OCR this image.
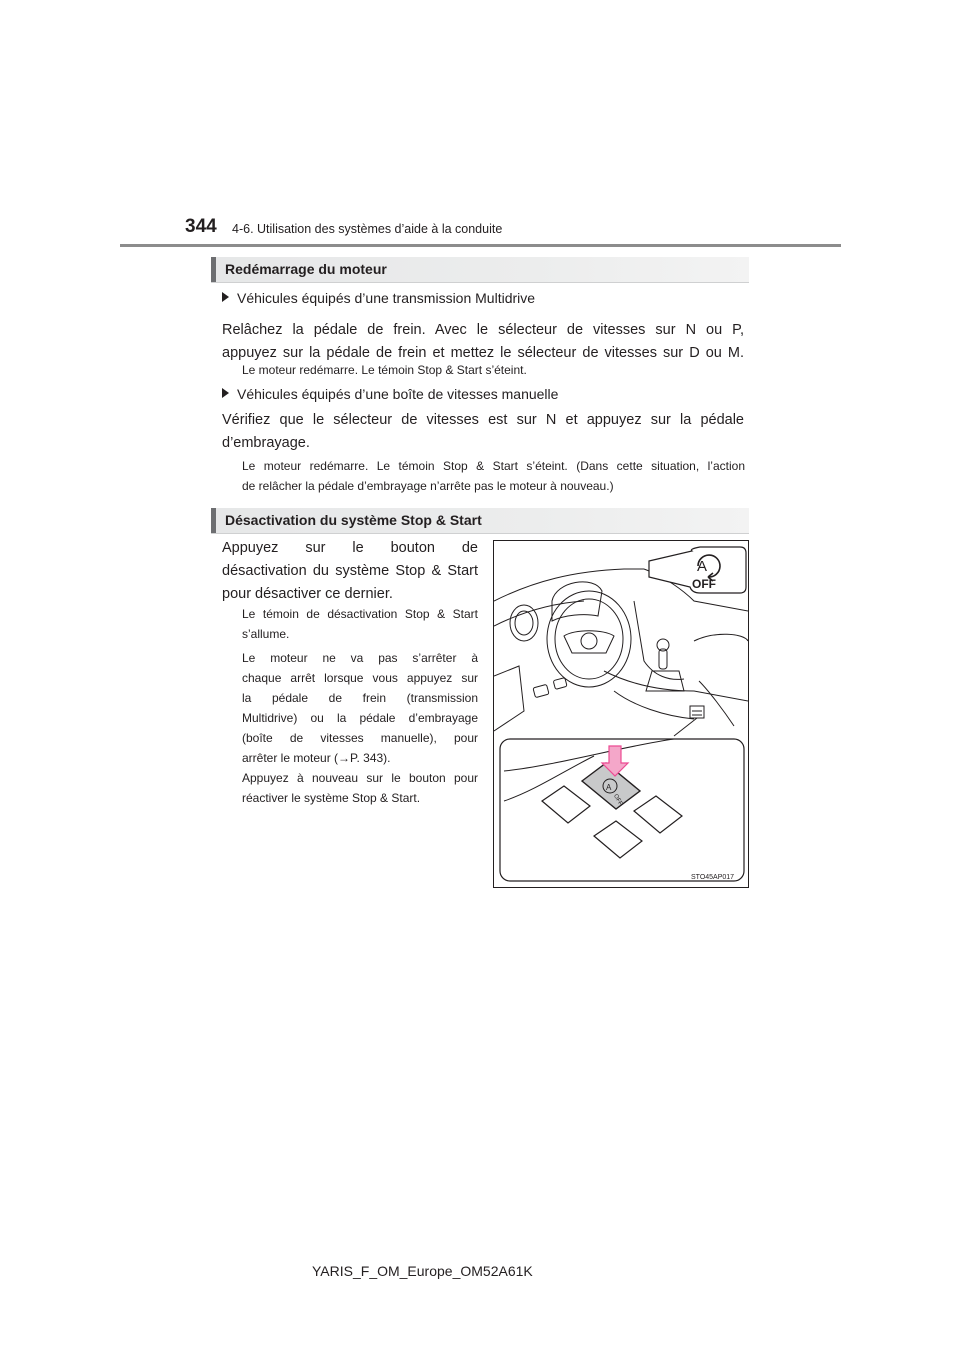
344 4-6. Utilisation des systèmes d’aide à la conduite
Redémarrage du moteur
Véhicules équipés d’une transmission Multidrive
Relâchez la pédale de frein. Avec le sélecteur de vitesses sur N ou P,
appuyez sur la pédale de frein et mettez le sélecteur de vitesses sur D ou M.
Le moteur redémarre. Le témoin Stop & Start s’éteint.
Véhicules équipés d’une boîte de vitesses manuelle
Vérifiez que le sélecteur de vitesses est sur N et appuyez sur la pédale
d’embrayage.
Le moteur redémarre. Le témoin Stop & Start s’éteint. (Dans cette situation, l’action
de relâcher la pédale d’embrayage n’arrête pas le moteur à nouveau.)
Désactivation du système Stop & Start
Appuyez sur le bouton de
désactivation du système Stop & Start
pour désactiver ce dernier.
Le témoin de désactivation Stop & Start
s’allume.
Le moteur ne va pas s’arrêter à
chaque arrêt lorsque vous appuyez sur
la pédale de frein (transmission
Multidrive) ou la pédale d’embrayage
(boîte de vitesses manuelle), pour
arrêter le moteur (→P. 343).
Appuyez à nouveau sur le bouton pour
réactiver le système Stop & Start.
A
OFF
A
OFF
STO45AP017
YARIS_F_OM_Europe_OM52A61K
